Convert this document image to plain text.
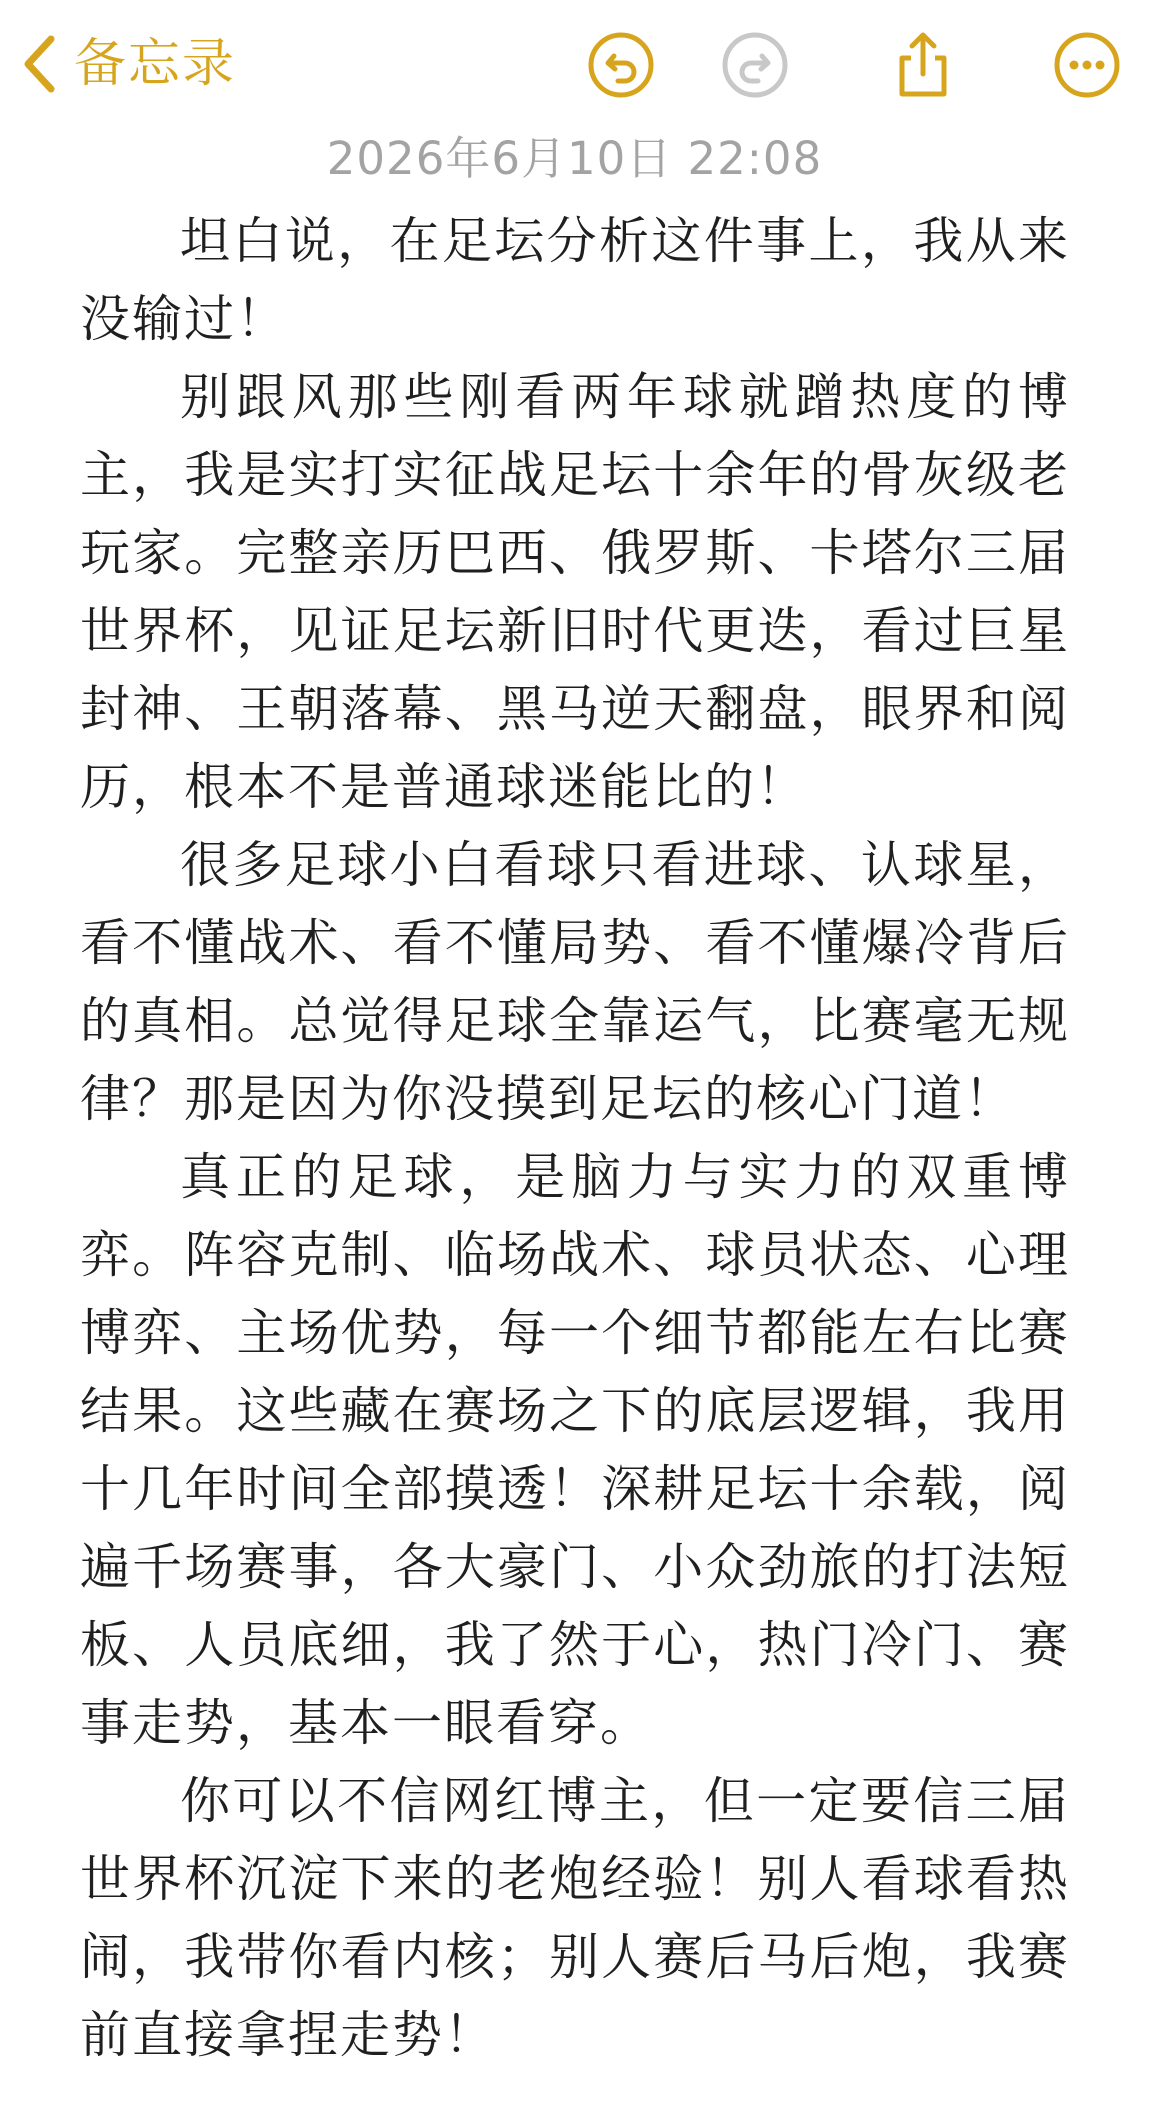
备忘录
2026年6月10日 22:08

坦白说，在足坛分析这件事上，我从来没输过！

别跟风那些刚看两年球就蹭热度的博主，我是实打实征战足坛十余年的骨灰级老玩家。完整亲历巴西、俄罗斯、卡塔尔三届世界杯，见证足坛新旧时代更迭，看过巨星封神、王朝落幕、黑马逆天翻盘，眼界和阅历，根本不是普通球迷能比的！

很多足球小白看球只看进球、认球星，看不懂战术、看不懂局势、看不懂爆冷背后的真相。总觉得足球全靠运气，比赛毫无规律？那是因为你没摸到足坛的核心门道！

真正的足球，是脑力与实力的双重博弈。阵容克制、临场战术、球员状态、心理博弈、主场优势，每一个细节都能左右比赛结果。这些藏在赛场之下的底层逻辑，我用十几年时间全部摸透！深耕足坛十余载，阅遍千场赛事，各大豪门、小众劲旅的打法短板、人员底细，我了然于心，热门冷门、赛事走势，基本一眼看穿。

你可以不信网红博主，但一定要信三届世界杯沉淀下来的老炮经验！别人看球看热闹，我带你看内核；别人赛后马后炮，我赛前直接拿捏走势！
